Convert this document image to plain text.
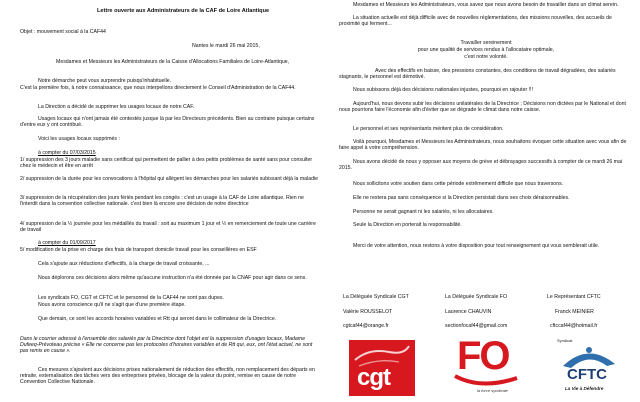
Lettre ouverte aux Administrateurs de la CAF de Loire Atlantique
Objet : mouvement social à la CAF44
Nantes le mardi 26 mai 2015,
Mesdames et Messieurs les Administrateurs de la Caisse d'Allocations Familiales de Loire-Atlantique,
Notre démarche peut vous surprendre puisqu'inhabituelle.
C'est la première fois, à notre connaissance, que nous interpellons directement le Conseil d'Administration de la CAF44.
La Direction a décidé de supprimer les usages locaux de notre CAF.
Usages locaux qui n'ont jamais été contestés jusque là par les Directeurs précédents. Bien au contraire puisque certains d'entre eux y ont contribué.
Voici les usages locaux supprimés :
à compter du 07/03/2015
1/ suppression des 3 jours maladie sans certificat qui permettent de pallier à des petits problèmes de santé sans pour consulter chez le médecin et être en arrêt
2/ suppression de la durée pour les convocations à l'hôpital qui allègent les démarches pour les salariés subissant déjà la maladie
3/ suppression de la récupération des jours fériés pendant les congés : c'est un usage à la CAF de Loire atlantique. Rien ne l'interdit dans la convention collective nationale. c'est bien là encore une décision de notre directrice
4/ suppression de la ½ journée pour les médaillés du travail : soit au maximum 1 jour et ½ en remerciement de toute une carrière de travail
à compter du 01/09/2017
5/ modification de la prise en charge des frais de transport domicile travail pour les conseillères en ESF
Cela s'ajoute aux réductions d'effectifs, à la charge de travail croissante, ...
Nous déplorons ces décisions alors même qu'aucune instruction n'a été donnée par la CNAF pour agir dans ce sens.
Les syndicats FO, CGT et CFTC et le personnel de la CAF44 ne sont pas dupes.
Nous avons conscience qu'il ne s'agit que d'une première étape.
Que demain, ce sont les accords horaires variables et Rtt qui seront dans le collimateur de la Directrice.
Dans le courrier adressé à l'ensemble des salariés par la Directrice dont l'objet est la suppression d'usages locaux, Madame Dufeeq-Prévoteau précise « Elle ne concerne pas les protocoles d'horaires variables et de Rtt qui, eux, ont l'état actuel, ne sont pas remis en cause ».
Ces mesures s'ajoutent aux décisions prises nationalement de réduction des effectifs, non remplacement des départs en retraite, externalisation des tâches vers des entreprises privées, blocage de la valeur du point, remise en cause de notre Convention Collective Nationale.
Mesdames et Messieurs les Administrateurs, vous savez que nous avons besoin de travailler dans un climat serein.
La situation actuelle est déjà difficile avec de nouvelles réglementations, des missions nouvelles, des accueils de proximité qui ferment...
Travailler sereinement
pour une qualité de services rendus à l'allocataire optimale,
c'est notre volonté.
Avec des effectifs en baisse, des pressions constantes, des conditions de travail dégradées, des salariés stagnants, le personnel est démotivé.
Nous subissons déjà des décisions nationales injustes, pourquoi en rajouter !!!
Aujourd'hui, nous devons subir les décisions unilatérales de la Directrice ; Décisions non dictées par le National et dont nous pourrions faire l'économie afin d'éviter que se dégrade le climat dans notre caisse.
Le personnel et ses représentants méritent plus de considération.
Voilà pourquoi, Mesdames et Messieurs les Administrateurs, nous souhaitons évoquer cette situation avec vous afin de faire appel à votre compréhension.
Nous avons décidé de nous y opposer aux moyens de grève et débrayages successifs à compter de ce mardi 26 mai 2015.
Nous sollicitons votre soutien dans cette période extrêmement difficile que nous traversons.
Elle ne restera pas sans conséquence si la Direction persistait dans ses choix déraisonnables.
Personne ne serait gagnant ni les salariés, ni les allocataires.
Seule la Direction en porterait la responsabilité.
Merci de votre attention, nous restons à votre disposition pour tout renseignement qui vous semblerait utile.
La Déléguée Syndicale CGT
Valérie ROUSSELOT
cgtcaf44@orange.fr
La Déléguée Syndicale FO
Laurence CHAUVIN
sectionfocaf44@gmail.com
Le Représentant CFTC
Franck MEINIER
cftccaf44@hotmail.fr
cgt FO
la force syndicale
Syndicat
CFTC
La Vie à Défendre
